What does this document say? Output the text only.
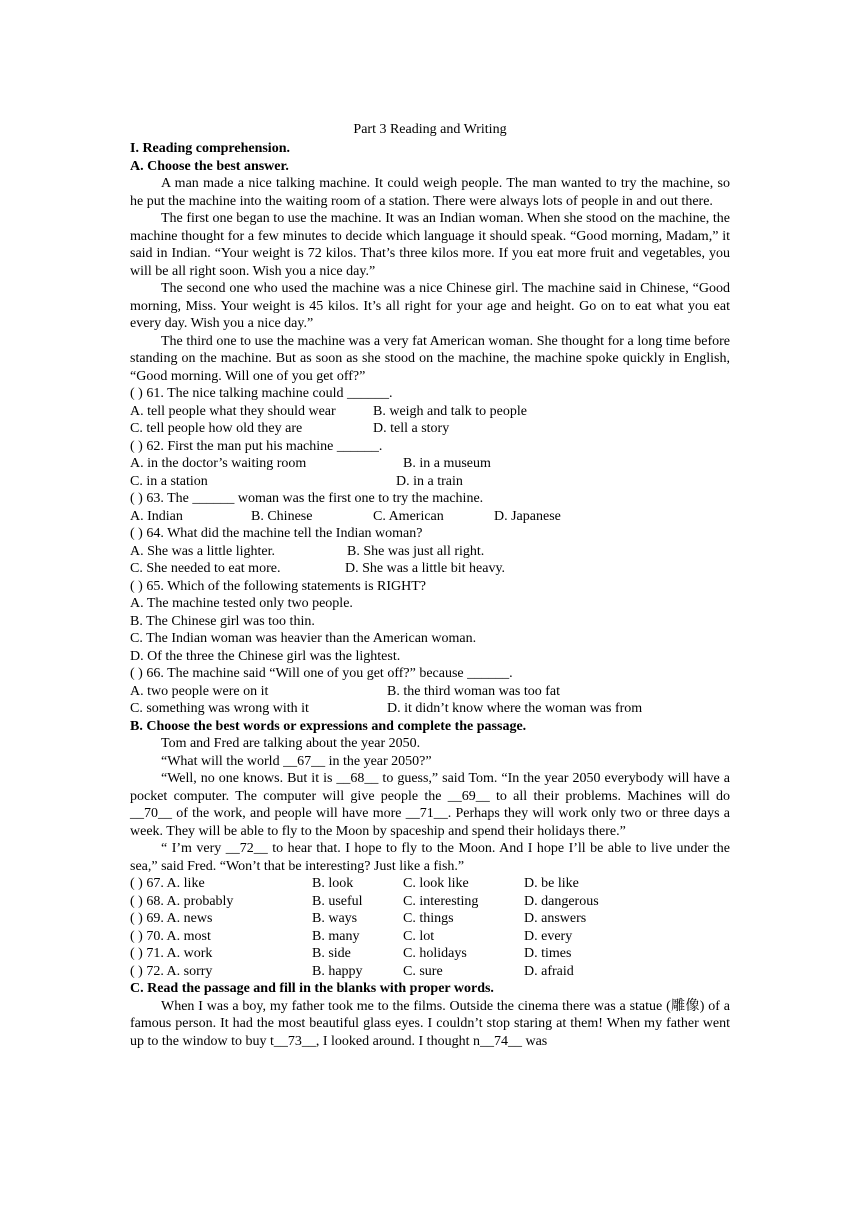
Part 3 Reading and Writing
I. Reading comprehension.
A. Choose the best answer.

A man made a nice talking machine. It could weigh people. The man wanted to try the machine, so he put the machine into the waiting room of a station. There were always lots of people in and out there.

The first one began to use the machine. It was an Indian woman. When she stood on the machine, the machine thought for a few minutes to decide which language it should speak. “Good morning, Madam,” it said in Indian. “Your weight is 72 kilos. That’s three kilos more. If you eat more fruit and vegetables, you will be all right soon. Wish you a nice day.”

The second one who used the machine was a nice Chinese girl. The machine said in Chinese, “Good morning, Miss. Your weight is 45 kilos. It’s all right for your age and height. Go on to eat what you eat every day. Wish you a nice day.”

The third one to use the machine was a very fat American woman. She thought for a long time before standing on the machine. But as soon as she stood on the machine, the machine spoke quickly in English, “Good morning. Will one of you get off?”

( ) 61. The nice talking machine could ______.
A. tell people what they should wear	B. weigh and talk to people
C. tell people how old they are	D. tell a story
( ) 62. First the man put his machine ______.
A. in the doctor’s waiting room	B. in a museum
C. in a station	D. in a train
( ) 63. The ______ woman was the first one to try the machine.
A. Indian	B. Chinese	C. American	D. Japanese
( ) 64. What did the machine tell the Indian woman?
A. She was a little lighter.	B. She was just all right.
C. She needed to eat more.	D. She was a little bit heavy.
( ) 65. Which of the following statements is RIGHT?
A. The machine tested only two people.
B. The Chinese girl was too thin.
C. The Indian woman was heavier than the American woman.
D. Of the three the Chinese girl was the lightest.
( ) 66. The machine said “Will one of you get off?” because ______.
A. two people were on it	B. the third woman was too fat
C. something was wrong with it	D. it didn’t know where the woman was from
B. Choose the best words or expressions and complete the passage.

Tom and Fred are talking about the year 2050.

“What will the world __67__ in the year 2050?”

“Well, no one knows. But it is __68__ to guess,” said Tom. “In the year 2050 everybody will have a pocket computer. The computer will give people the __69__ to all their problems. Machines will do __70__ of the work, and people will have more __71__. Perhaps they will work only two or three days a week. They will be able to fly to the Moon by spaceship and spend their holidays there.”

“ I’m very __72__ to hear that. I hope to fly to the Moon. And I hope I’ll be able to live under the sea,” said Fred. “Won’t that be interesting? Just like a fish.”

( ) 67. A. like	B. look	C. look like	D. be like
( ) 68. A. probably	B. useful	C. interesting	D. dangerous
( ) 69. A. news	B. ways	C. things	D. answers
( ) 70. A. most	B. many	C. lot	D. every
( ) 71. A. work	B. side	C. holidays	D. times
( ) 72. A. sorry	B. happy	C. sure	D. afraid
C. Read the passage and fill in the blanks with proper words.

When I was a boy, my father took me to the films. Outside the cinema there was a statue (雕像) of a famous person. It had the most beautiful glass eyes. I couldn’t stop staring at them! When my father went up to the window to buy t__73__, I looked around. I thought n__74__ was
